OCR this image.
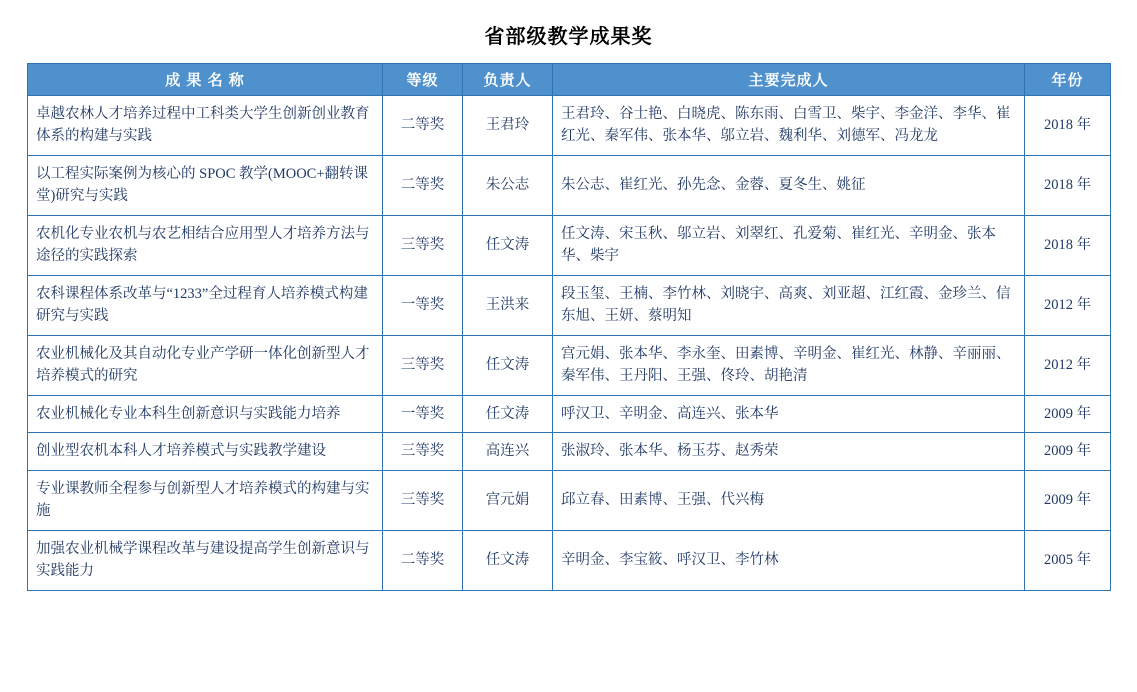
省部级教学成果奖
成 果 名 称	等级	负责人	主要完成人	年份
卓越农林人才培养过程中工科类大学生创新创业教育体系的构建与实践	二等奖	王君玲	王君玲、谷士艳、白晓虎、陈东雨、白雪卫、柴宇、李金洋、李华、崔红光、秦军伟、张本华、邬立岩、魏利华、刘德军、冯龙龙	2018 年
以工程实际案例为核心的 SPOC 教学(MOOC+翻转课堂)研究与实践	二等奖	朱公志	朱公志、崔红光、孙先念、金蓉、夏冬生、姚征	2018 年
农机化专业农机与农艺相结合应用型人才培养方法与途径的实践探索	三等奖	任文涛	任文涛、宋玉秋、邬立岩、刘翠红、孔爱菊、崔红光、辛明金、张本华、柴宇	2018 年
农科课程体系改革与“1233”全过程育人培养模式构建研究与实践	一等奖	王洪来	段玉玺、王楠、李竹林、刘晓宇、高爽、刘亚超、江红霞、金珍兰、信东旭、王妍、蔡明知	2012 年
农业机械化及其自动化专业产学研一体化创新型人才培养模式的研究	三等奖	任文涛	宫元娟、张本华、李永奎、田素博、辛明金、崔红光、林静、辛丽丽、秦军伟、王丹阳、王强、佟玲、胡艳清	2012 年
农业机械化专业本科生创新意识与实践能力培养	一等奖	任文涛	呼汉卫、辛明金、高连兴、张本华	2009 年
创业型农机本科人才培养模式与实践教学建设	三等奖	高连兴	张淑玲、张本华、杨玉芬、赵秀荣	2009 年
专业课教师全程参与创新型人才培养模式的构建与实施	三等奖	宫元娟	邱立春、田素博、王强、代兴梅	2009 年
加强农业机械学课程改革与建设提高学生创新意识与实践能力	二等奖	任文涛	辛明金、李宝筱、呼汉卫、李竹林	2005 年
